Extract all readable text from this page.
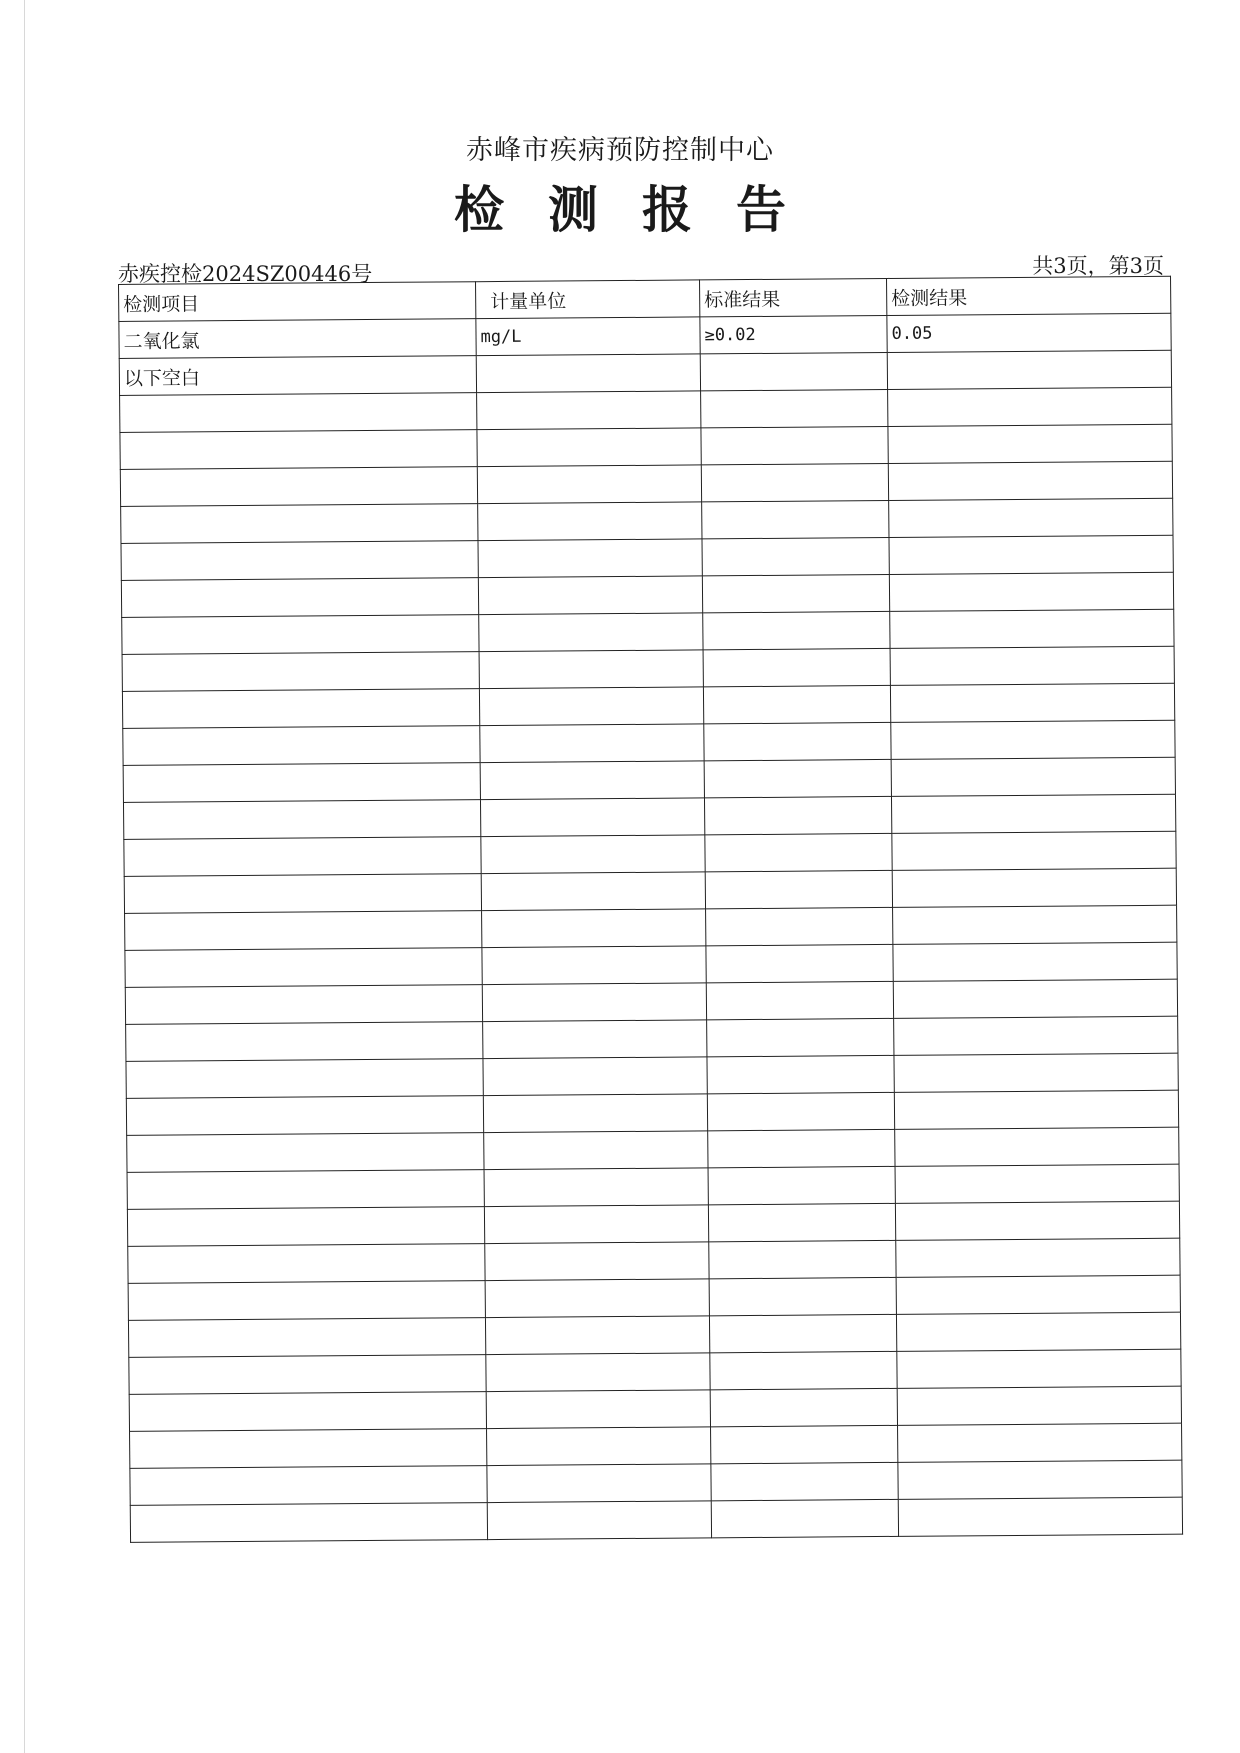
赤峰市疾病预防控制中心
检 测 报 告
赤疾控检2024SZ00446号	共3页，第3页
检测项目	计量单位	标准结果	检测结果
二氧化氯	mg/L	≥0.02	0.05
以下空白			
